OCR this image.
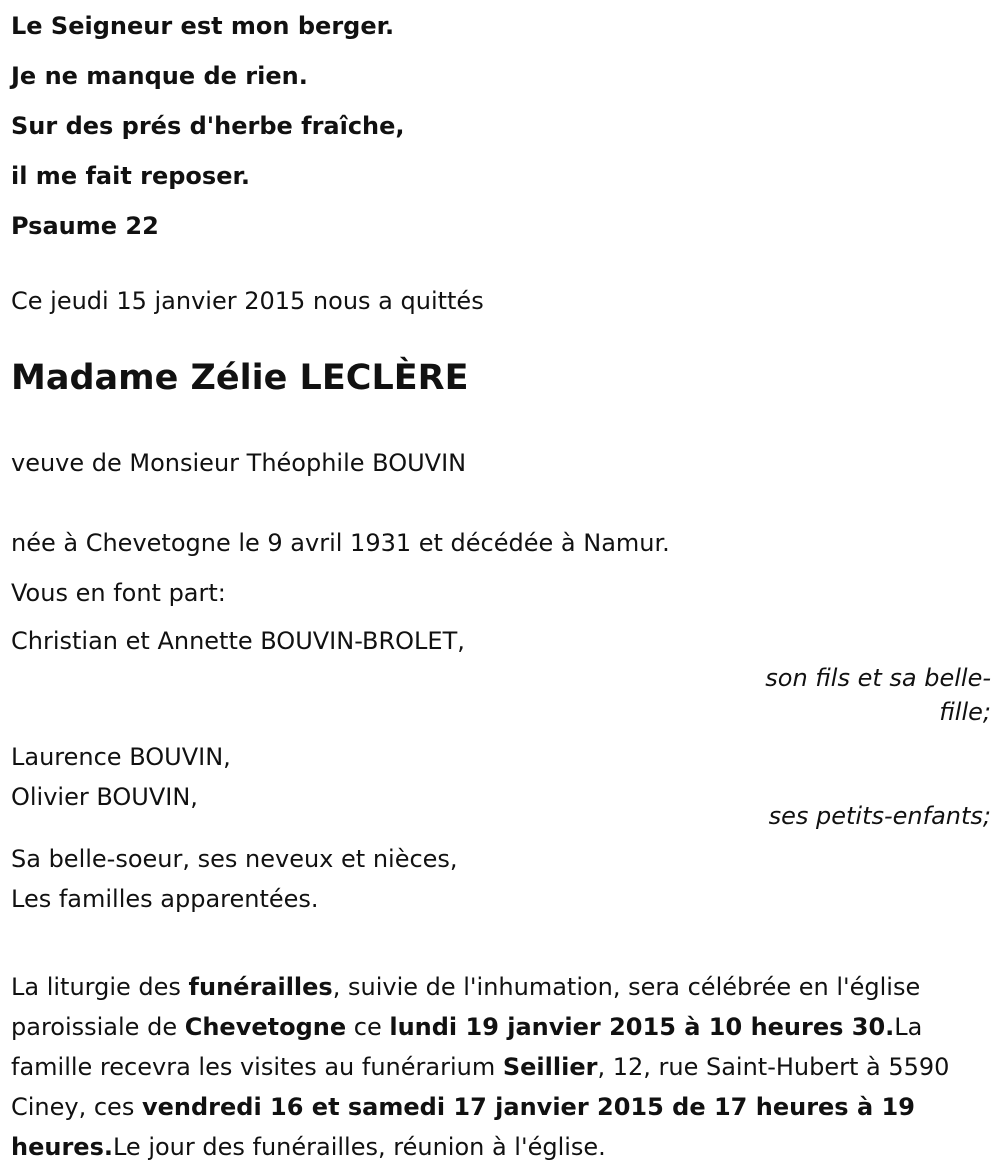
Le Seigneur est mon berger.

Je ne manque de rien.

Sur des prés d'herbe fraîche,

il me fait reposer.

Psaume 22

Ce jeudi 15 janvier 2015 nous a quittés

Madame Zélie LECLÈRE

veuve de Monsieur Théophile BOUVIN

née à Chevetogne le 9 avril 1931 et décédée à Namur.

Vous en font part:

Christian et Annette BOUVIN-BROLET,

son fils et sa belle-fille;
Laurence BOUVIN,
Olivier BOUVIN,
ses petits-enfants;
Sa belle-soeur, ses neveux et nièces,
Les familles apparentées.

La liturgie des funérailles, suivie de l'inhumation, sera célébrée en l'église paroissiale de Chevetogne ce lundi 19 janvier 2015 à 10 heures 30.La famille recevra les visites au funérarium Seillier, 12, rue Saint-Hubert à 5590 Ciney, ces vendredi 16 et samedi 17 janvier 2015 de 17 heures à 19 heures.Le jour des funérailles, réunion à l'église.
